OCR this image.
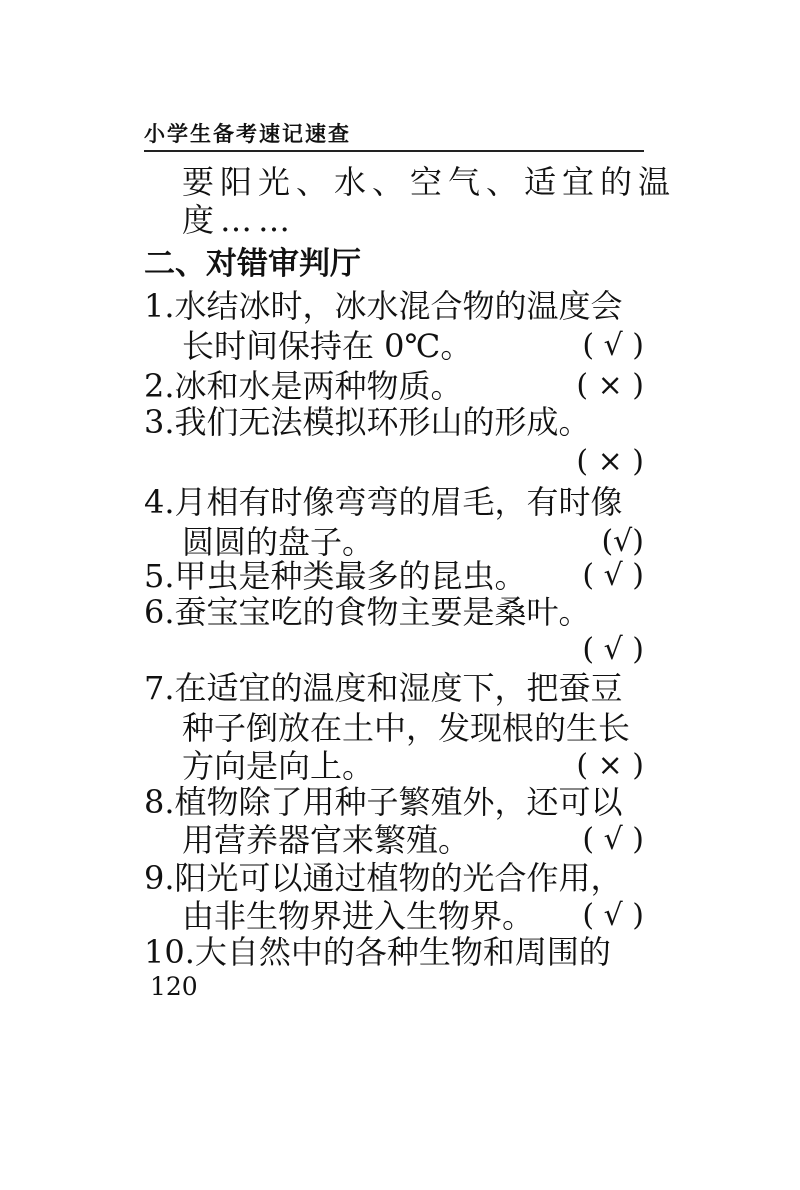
小学生备考速记速查
要阳光、水、空气、适宜的温
度……
二、对错审判厅
1.水结冰时，冰水混合物的温度会
长时间保持在 0℃。	( √ )
2.冰和水是两种物质。	( × )
3.我们无法模拟环形山的形成。
( × )
4.月相有时像弯弯的眉毛，有时像
圆圆的盘子。	(√)
5.甲虫是种类最多的昆虫。 ( √ )
6.蚕宝宝吃的食物主要是桑叶。
( √ )
7.在适宜的温度和湿度下，把蚕豆
种子倒放在土中，发现根的生长
方向是向上。	( × )
8.植物除了用种子繁殖外，还可以
用营养器官来繁殖。	( √ )
9.阳光可以通过植物的光合作用，
由非生物界进入生物界。 ( √ )
10.大自然中的各种生物和周围的
120
